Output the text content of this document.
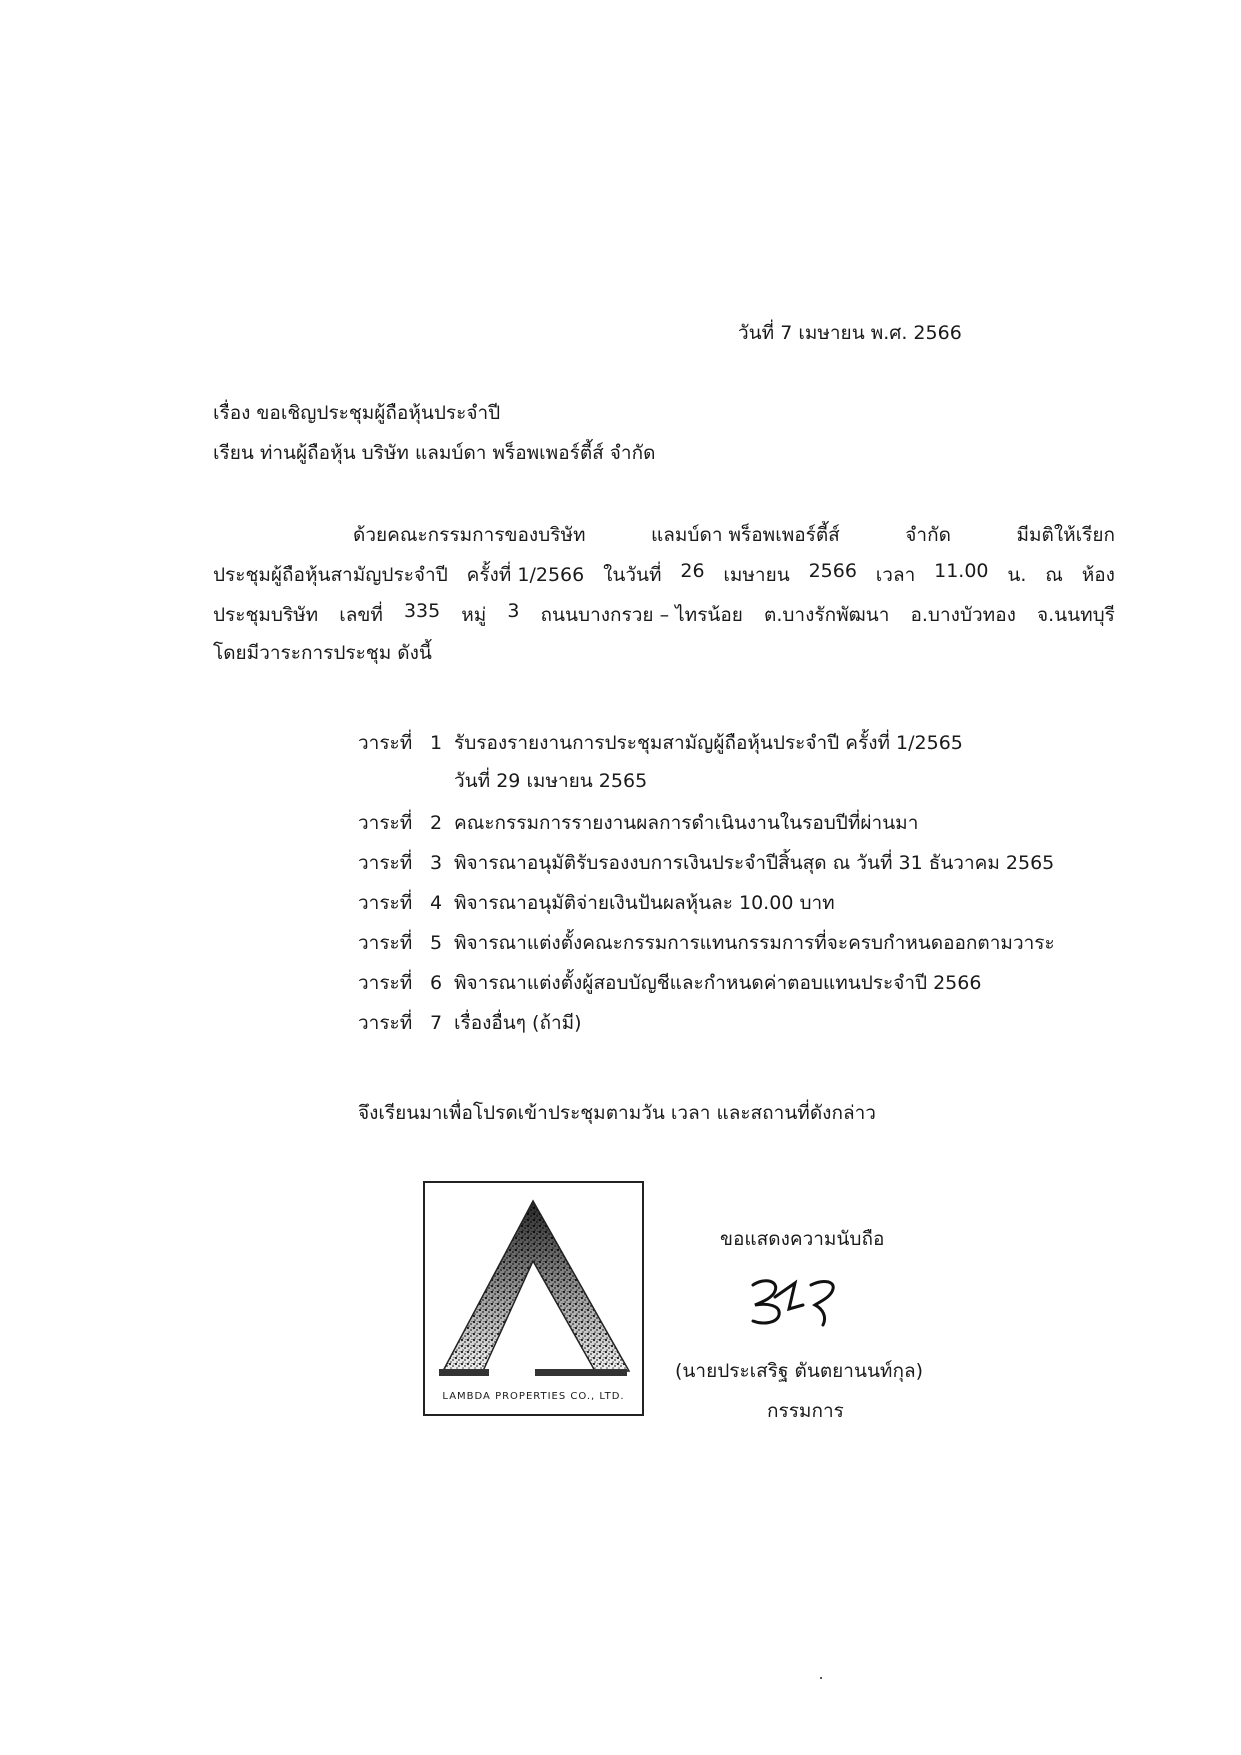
วันที่ 7 เมษายน พ.ศ. 2566
เรื่อง ขอเชิญประชุมผู้ถือหุ้นประจำปี
เรียน ท่านผู้ถือหุ้น บริษัท แลมบ์ดา พร็อพเพอร์ตี้ส์ จำกัด
ด้วยคณะกรรมการของบริษัท	แลมบ์ดา พร็อพเพอร์ตี้ส์	จำกัด	มีมติให้เรียก
ประชุมผู้ถือหุ้นสามัญประจำปี ครั้งที่ 1/2566 ในวันที่ 26 เมษายน 2566 เวลา 11.00 น. ณ ห้อง
ประชุมบริษัท เลขที่ 335 หมู่ 3 ถนนบางกรวย – ไทรน้อย ต.บางรักพัฒนา อ.บางบัวทอง จ.นนทบุรี
โดยมีวาระการประชุม ดังนี้
วาระที่ 1 รับรองรายงานการประชุมสามัญผู้ถือหุ้นประจำปี ครั้งที่ 1/2565
วันที่ 29 เมษายน 2565
วาระที่ 2 คณะกรรมการรายงานผลการดำเนินงานในรอบปีที่ผ่านมา
วาระที่ 3 พิจารณาอนุมัติรับรองงบการเงินประจำปีสิ้นสุด ณ วันที่ 31 ธันวาคม 2565
วาระที่ 4 พิจารณาอนุมัติจ่ายเงินปันผลหุ้นละ 10.00 บาท
วาระที่ 5 พิจารณาแต่งตั้งคณะกรรมการแทนกรรมการที่จะครบกำหนดออกตามวาระ
วาระที่ 6 พิจารณาแต่งตั้งผู้สอบบัญชีและกำหนดค่าตอบแทนประจำปี 2566
วาระที่ 7 เรื่องอื่นๆ (ถ้ามี)
จึงเรียนมาเพื่อโปรดเข้าประชุมตามวัน เวลา และสถานที่ดังกล่าว
LAMBDA PROPERTIES CO., LTD.
ขอแสดงความนับถือ
(นายประเสริฐ ตันตยานนท์กุล)
กรรมการ
